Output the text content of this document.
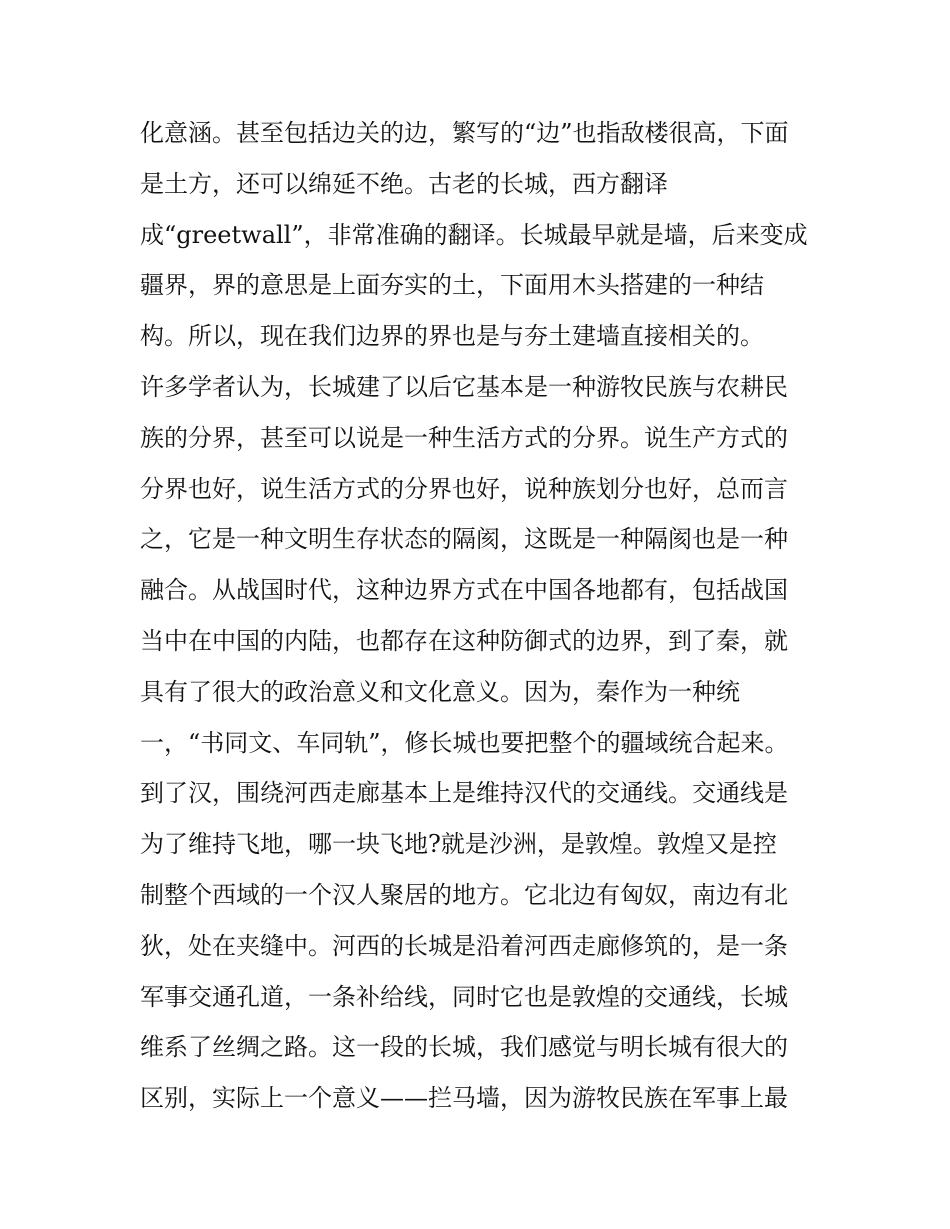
化意涵。甚至包括边关的边，繁写的“边”也指敌楼很高，下面
是土方，还可以绵延不绝。古老的长城，西方翻译
成“greetwall”，非常准确的翻译。长城最早就是墙，后来变成
疆界，界的意思是上面夯实的土，下面用木头搭建的一种结
构。所以，现在我们边界的界也是与夯土建墙直接相关的。
许多学者认为，长城建了以后它基本是一种游牧民族与农耕民
族的分界，甚至可以说是一种生活方式的分界。说生产方式的
分界也好，说生活方式的分界也好，说种族划分也好，总而言
之，它是一种文明生存状态的隔阂，这既是一种隔阂也是一种
融合。从战国时代，这种边界方式在中国各地都有，包括战国
当中在中国的内陆，也都存在这种防御式的边界，到了秦，就
具有了很大的政治意义和文化意义。因为，秦作为一种统
一，“书同文、车同轨”，修长城也要把整个的疆域统合起来。
到了汉，围绕河西走廊基本上是维持汉代的交通线。交通线是
为了维持飞地，哪一块飞地?就是沙洲，是敦煌。敦煌又是控
制整个西域的一个汉人聚居的地方。它北边有匈奴，南边有北
狄，处在夹缝中。河西的长城是沿着河西走廊修筑的，是一条
军事交通孔道，一条补给线，同时它也是敦煌的交通线，长城
维系了丝绸之路。这一段的长城，我们感觉与明长城有很大的
区别，实际上一个意义——拦马墙，因为游牧民族在军事上最
